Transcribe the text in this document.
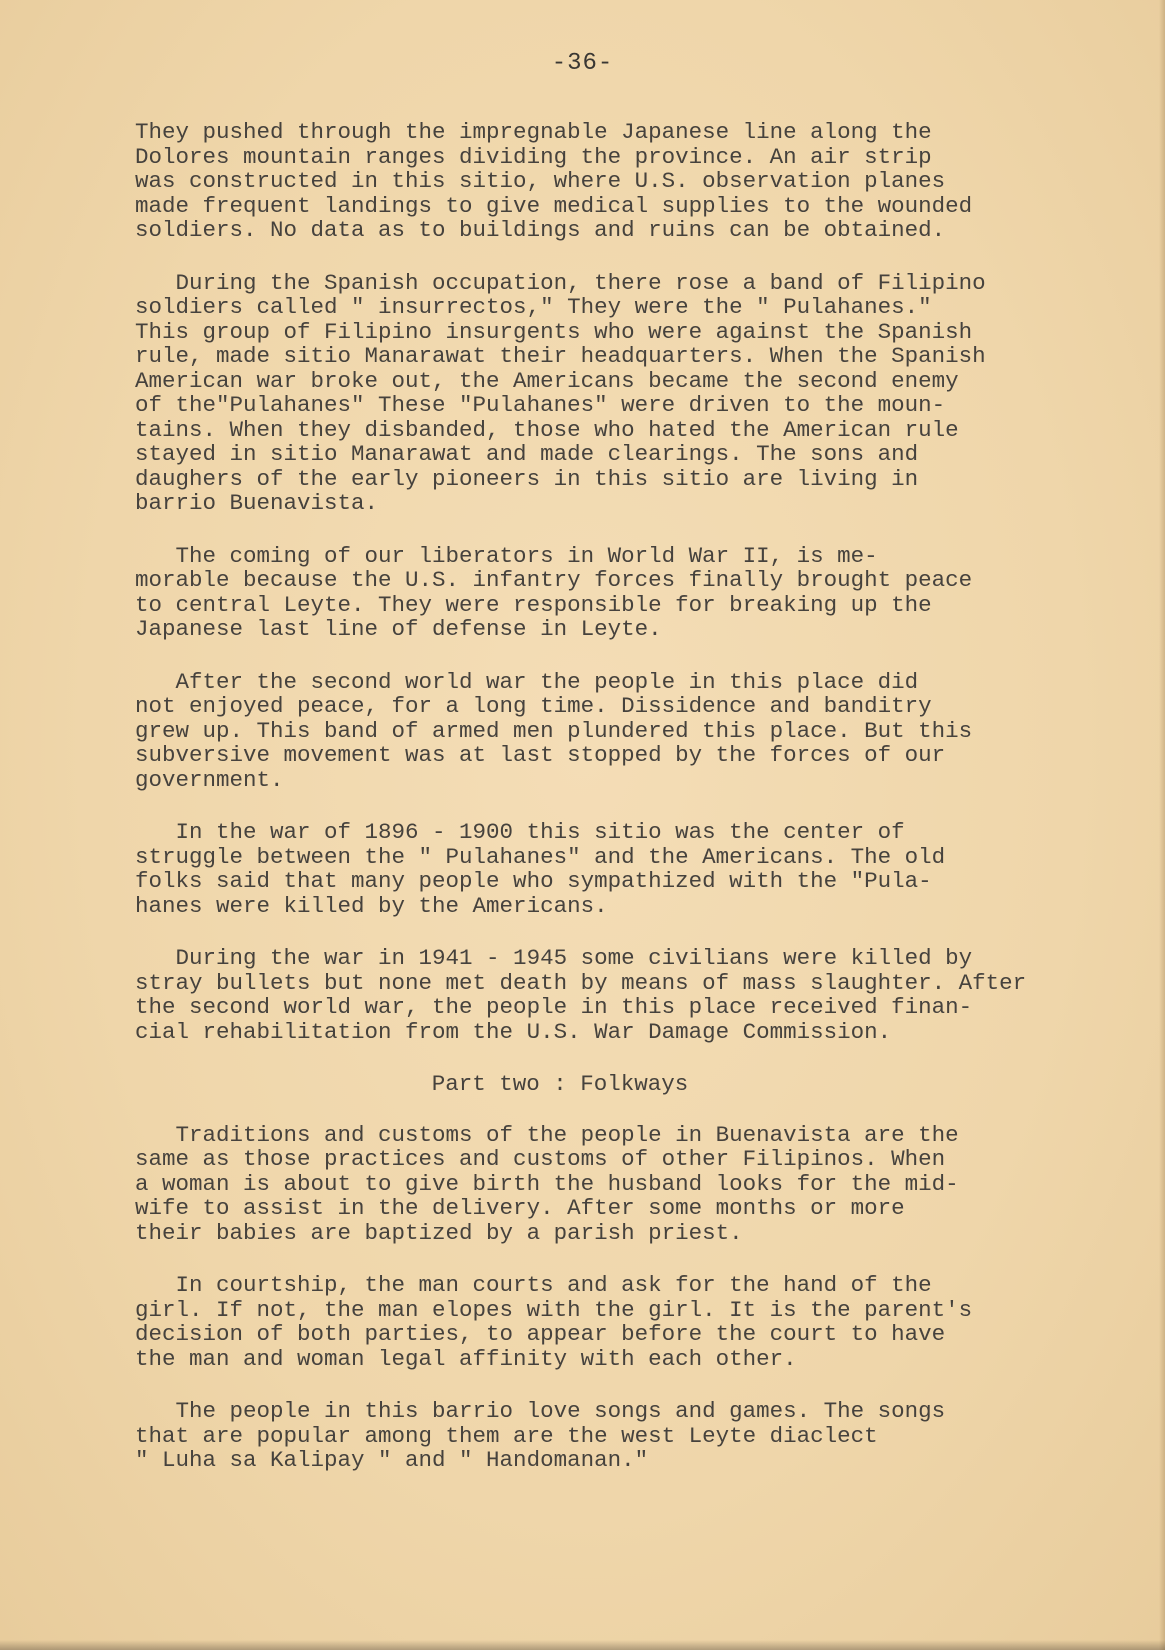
-36-
They pushed through the impregnable Japanese line along the
Dolores mountain ranges dividing the province. An air strip
was constructed in this sitio, where U.S. observation planes
made frequent landings to give medical supplies to the wounded
soldiers. No data as to buildings and ruins can be obtained.
During the Spanish occupation, there rose a band of Filipino
soldiers called " insurrectos," They were the " Pulahanes."
This group of Filipino insurgents who were against the Spanish
rule, made sitio Manarawat their headquarters. When the Spanish
American war broke out, the Americans became the second enemy
of the"Pulahanes" These "Pulahanes" were driven to the moun-
tains. When they disbanded, those who hated the American rule
stayed in sitio Manarawat and made clearings. The sons and
daughers of the early pioneers in this sitio are living in
barrio Buenavista.
The coming of our liberators in World War II, is me-
morable because the U.S. infantry forces finally brought peace
to central Leyte. They were responsible for breaking up the
Japanese last line of defense in Leyte.
After the second world war the people in this place did
not enjoyed peace, for a long time. Dissidence and banditry
grew up. This band of armed men plundered this place. But this
subversive movement was at last stopped by the forces of our
government.
In the war of 1896 - 1900 this sitio was the center of
struggle between the " Pulahanes" and the Americans. The old
folks said that many people who sympathized with the "Pula-
hanes were killed by the Americans.
During the war in 1941 - 1945 some civilians were killed by
stray bullets but none met death by means of mass slaughter. After
the second world war, the people in this place received finan-
cial rehabilitation from the U.S. War Damage Commission.
Part two : Folkways
Traditions and customs of the people in Buenavista are the
same as those practices and customs of other Filipinos. When
a woman is about to give birth the husband looks for the mid-
wife to assist in the delivery. After some months or more
their babies are baptized by a parish priest.
In courtship, the man courts and ask for the hand of the
girl. If not, the man elopes with the girl. It is the parent's
decision of both parties, to appear before the court to have
the man and woman legal affinity with each other.
The people in this barrio love songs and games. The songs
that are popular among them are the west Leyte diaclect
" Luha sa Kalipay " and " Handomanan."
